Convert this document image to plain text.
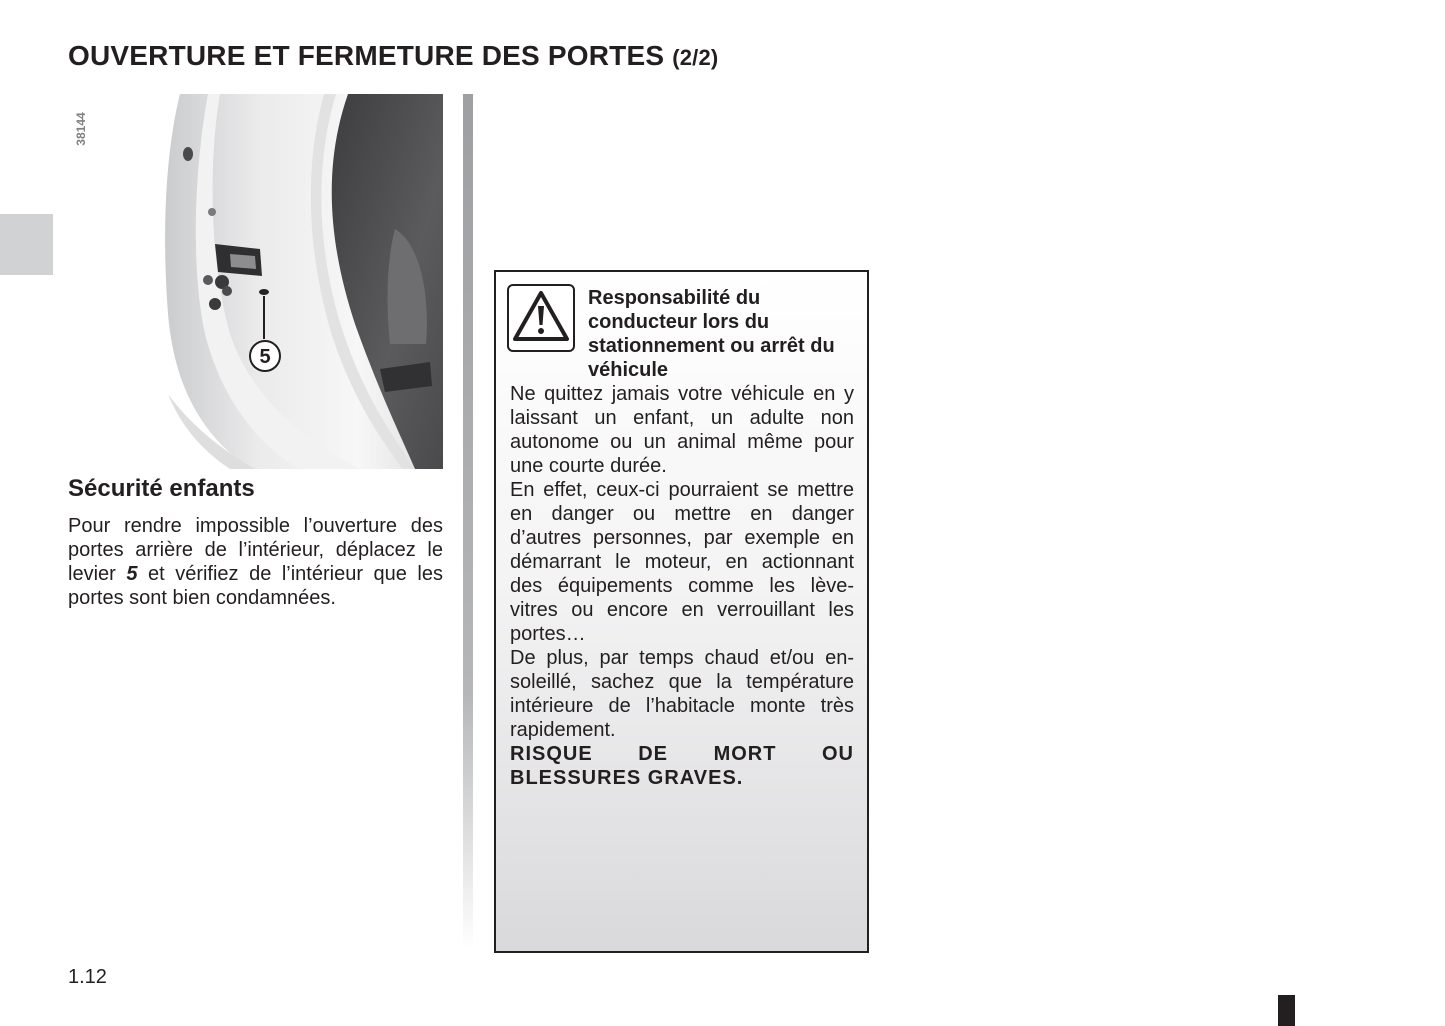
OUVERTURE ET FERMETURE DES PORTES (2/2)
38144
5
Sécurité enfants

Pour rendre impossible l’ouverture des portes arrière de l’intérieur, déplacez le levier 5 et vérifiez de l’intérieur que les portes sont bien condamnées.

Responsabilité du conducteur lors du stationnement ou arrêt du véhicule

Ne quittez jamais votre véhicule en y laissant un enfant, un adulte non autonome ou un animal même pour une courte durée.

En effet, ceux-ci pourraient se mettre en danger ou mettre en danger d’autres personnes, par exemple en démarrant le moteur, en actionnant des équipements comme les lève-vitres ou encore en verrouillant les portes…

De plus, par temps chaud et/ou en-soleillé, sachez que la température intérieure de l’habitacle monte très rapidement.

RISQUE DE MORT OU BLESSURES GRAVES.

1.12
